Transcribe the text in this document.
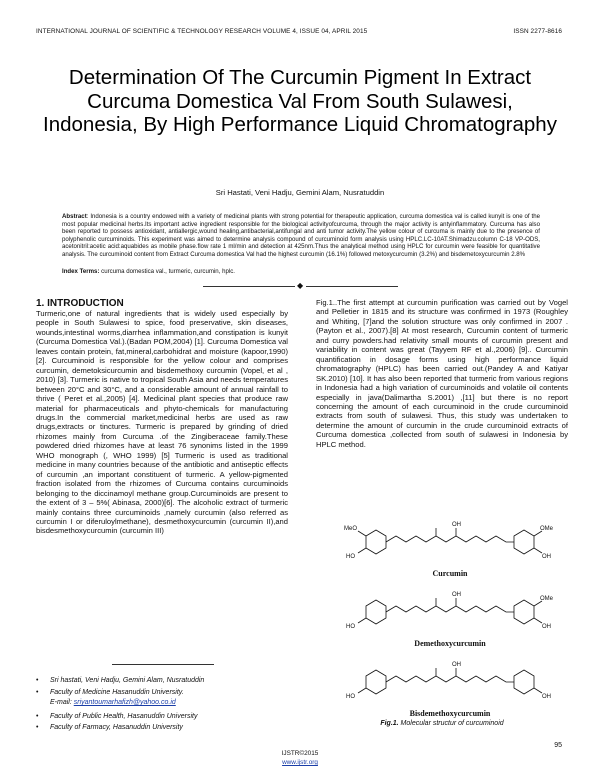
INTERNATIONAL JOURNAL OF SCIENTIFIC & TECHNOLOGY RESEARCH VOLUME 4, ISSUE 04, APRIL 2015	ISSN 2277-8616
Determination Of The Curcumin Pigment In Extract Curcuma Domestica Val From South Sulawesi, Indonesia, By High Performance Liquid Chromatography
Sri Hastati, Veni Hadju, Gemini Alam, Nusratuddin
Abstract: Indonesia is a country endowed with a variety of medicinal plants with strong potential for therapeutic application, curcuma domestica val is called kunyit is one of the most popular medicinal herbs.Its important active ingredient responsible for the biological activityofcurcuma, through the major activity is antyinflammatory. Curcuma has also been reported to possess antioxidant, antiallergic,wound healing,antibacterial,antifungal and anti tumor activity.The yellow colour of curcuma is mainly due to the presence of polyphenolic curcuminoids. This experiment was aimed to determine analysis compound of curcuminoid form analysis using HPLC.LC-10AT.Shimadzu.column C-18 VP-ODS, acetonitril:acetic acid:aquabides as mobile phase.flow rate 1 ml/min and detection at 425nm.Thus the analytical method using HPLC for curcumin were feasible for quantitative analysis. The curcuminoid content from Extract Curcuma domestica Val had the highest curcumin (16.1%) followed metoxycurcumin (3.2%) and bisdemetoxycurcumin 2.8%
Index Terms: curcuma domestica val., turmeric, curcumin, hplc.
◆
1. INTRODUCTION
Turmeric,one of natural ingredients that is widely used especially by people in South Sulawesi to spice, food preservative, skin diseases, wounds,intestinal worms,diarrhea inflammation,and constipation is kunyit (Curcuma Domestica Val.).(Badan POM,2004) [1]. Curcuma Domestica val leaves contain protein, fat,mineral,carbohidrat and moisture (kapoor,1990) [2]. Curcuminoid is responsible for the yellow colour and comprises curcumin, demetoksicurcumin and bisdemethoxy curcumin (Vopel, et al , 2010) [3]. Turmeric is native to tropical South Asia and needs temperatures between 20°C and 30°C, and a considerable amount of annual rainfall to thrive ( Peret et al.,2005) [4]. Medicinal plant species that produce raw material for pharmaceuticals and phyto-chemicals for manufacturing drugs.In the commercial market,medicinal herbs are used as raw drugs,extracts or tinctures. Turmeric is prepared by grinding of dried rhizomes mainly from Curcuma .of the Zingiberaceae family.These powdered dried rhizomes have at least 76 synonims listed in the 1999 WHO monograph (, WHO 1999) [5] Turmeric is used as traditional medicine in many countries because of the antibiotic and antiseptic effects of curcumin ,an important constituent of turmeric. A yellow-pigmented fraction isolated from the rhizomes of Curcuma contains curcuminoids belonging to the diccinamoyl methane group.Curcuminoids are present to the extent of 3 – 5%( Abinasa, 2000)[6]. The alcoholic extract of turmeric mainly contains three curcuminoids ,namely curcumin (also referred as curcumin I or diferuloylmethane), desmethoxycurcumin (curcumin II),and bisdesmethoxycurcumin (curcumin III)
Fig.1..The first attempt at curcumin purification was carried out by Vogel and Pelletier in 1815 and its structure was confirmed in 1973 (Roughley and Whiting, [7]and the solution structure was only confirmed in 2007 .(Payton et al., 2007).[8] At most research, Curcumin content of turmeric and curry powders.had relativity small mounts of curcumin present and variability in content was great (Tayyem RF et al.,2006) [9].. Curcumin quantification in dosage forms using high performance liquid chromatography (HPLC) has been carried out.(Pandey A and Katiyar SK.2010) [10]. It has also been reported that turmeric from various regions in Indonesia had a high variation of curcuminoids and volatile oil contents especially in java(Dalimartha S.2001) ,[11] but there is no report concerning the amount of each curcuminoid in the crude curcuminoid extracts from south of sulawesi. Thus, this study was undertaken to determine the amount of curcumin in the crude curcuminoid extracts of Curcuma domestica ,collected from south of sulawesi in Indonesia by HPLC method.
MeO
HO
OH
OMe
OH
Curcumin
HO
OH
OMe
OH
Demethoxycurcumin
HO
OH
OH
Bisdemethoxycurcumin
Fig.1. Molecular structur of curcuminoid
• Sri hastati, Veni Hadju, Gemini Alam, Nusratuddin
• Faculty of Medicine Hasanuddin University.
E-mail: sriyantoumarhafizh@yahoo.co.id
• Faculty of Public Health, Hasanuddin University
• Faculty of Farmacy, Hasanuddin University
95
IJSTR©2015
www.ijstr.org
